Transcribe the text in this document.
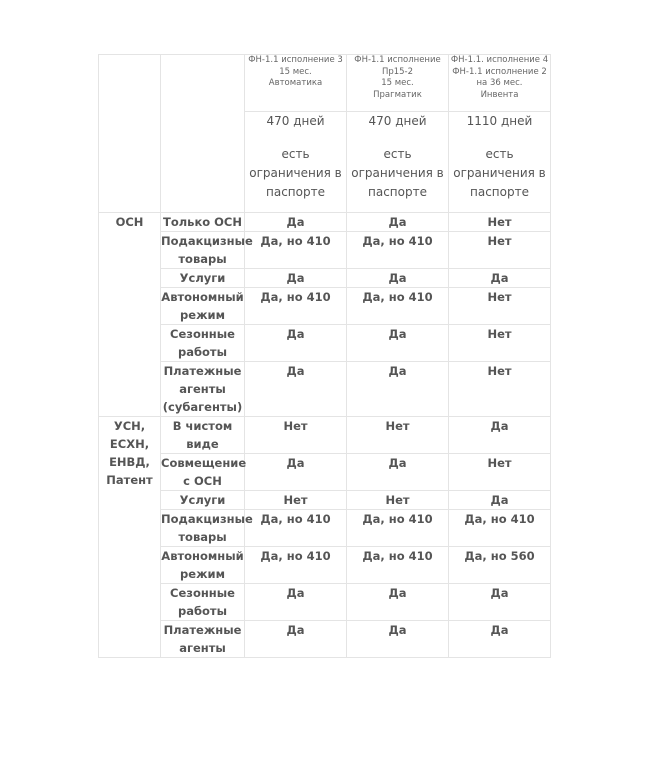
		ФН-1.1 исполнение 3
15 мес.
Автоматика	ФН-1.1 исполнение
Пр15-2
15 мес.
Прагматик	ФН-1.1. исполнение 4
ФН-1.1 исполнение 2
на 36 мес.
Инвента

		470 дней
есть ограничения в паспорте	470 дней
есть ограничения в паспорте	1110 дней
есть ограничения в паспорте

ОСН	Только ОСН	Да	Да	Нет
	Подакцизные товары	Да, но 410	Да, но 410	Нет
	Услуги	Да	Да	Да
	Автономный режим	Да, но 410	Да, но 410	Нет
	Сезонные работы	Да	Да	Нет
	Платежные агенты (субагенты)	Да	Да	Нет

УСН,
ЕСХН,
ЕНВД,
Патент	В чистом виде	Нет	Нет	Да
	Совмещение с ОСН	Да	Да	Нет
	Услуги	Нет	Нет	Да
	Подакцизные товары	Да, но 410	Да, но 410	Да, но 410
	Автономный режим	Да, но 410	Да, но 410	Да, но 560
	Сезонные работы	Да	Да	Да
	Платежные агенты	Да	Да	Да
